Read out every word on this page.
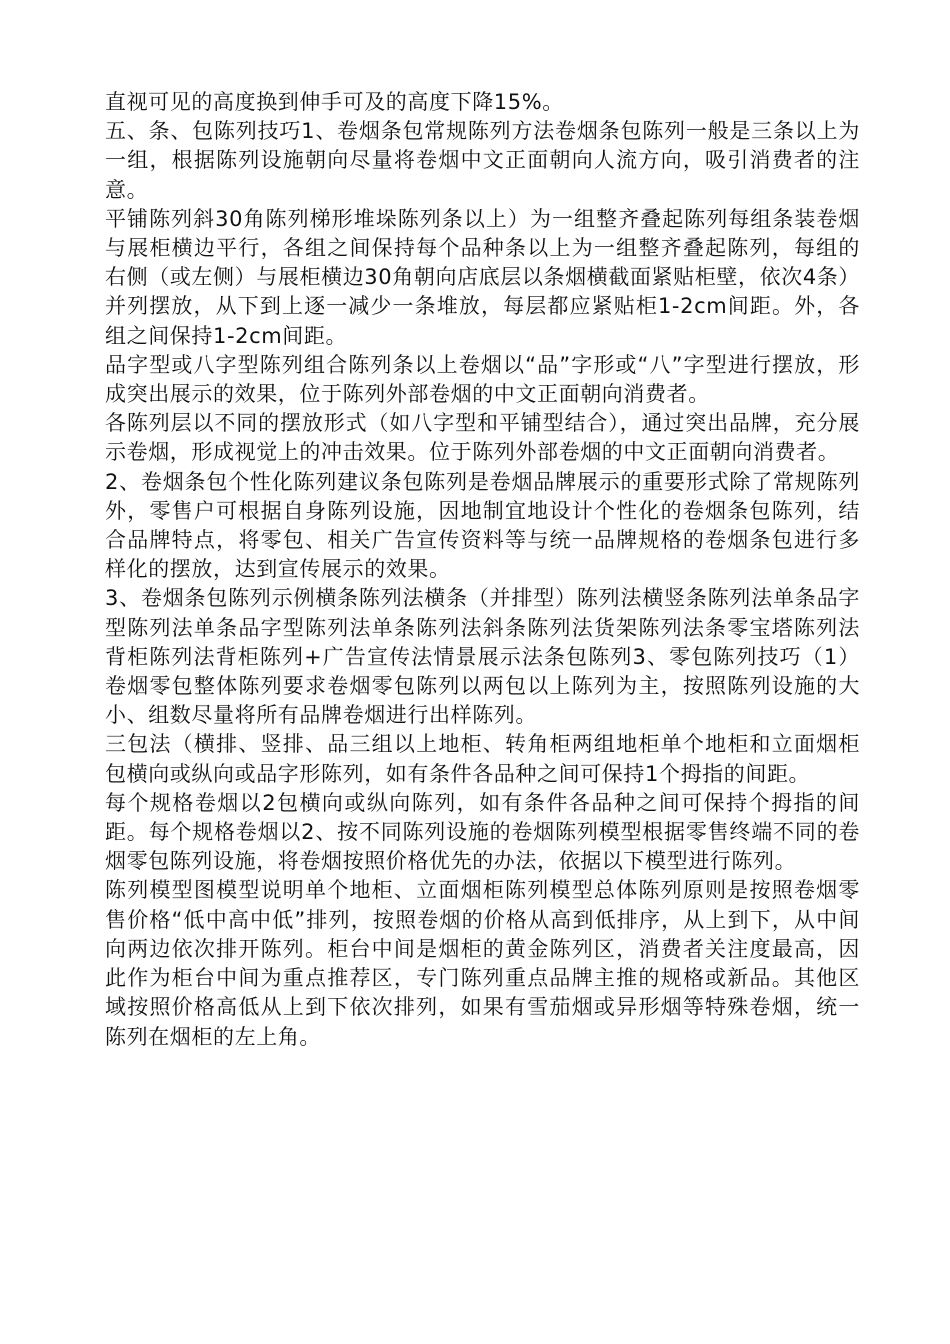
直视可见的高度换到伸手可及的高度下降15%。

五、条、包陈列技巧1、卷烟条包常规陈列方法卷烟条包陈列一般是三条以上为一组，根据陈列设施朝向尽量将卷烟中文正面朝向人流方向，吸引消费者的注意。

平铺陈列斜30角陈列梯形堆垛陈列条以上）为一组整齐叠起陈列每组条装卷烟与展柜横边平行，各组之间保持每个品种条以上为一组整齐叠起陈列，每组的右侧（或左侧）与展柜横边30角朝向店底层以条烟横截面紧贴柜壁，依次4条）并列摆放，从下到上逐一减少一条堆放，每层都应紧贴柜1-2cm间距。外，各组之间保持1-2cm间距。

品字型或八字型陈列组合陈列条以上卷烟以“品”字形或“八”字型进行摆放，形成突出展示的效果，位于陈列外部卷烟的中文正面朝向消费者。

各陈列层以不同的摆放形式（如八字型和平铺型结合），通过突出品牌，充分展示卷烟，形成视觉上的冲击效果。位于陈列外部卷烟的中文正面朝向消费者。

2、卷烟条包个性化陈列建议条包陈列是卷烟品牌展示的重要形式除了常规陈列外，零售户可根据自身陈列设施，因地制宜地设计个性化的卷烟条包陈列，结合品牌特点，将零包、相关广告宣传资料等与统一品牌规格的卷烟条包进行多样化的摆放，达到宣传展示的效果。

3、卷烟条包陈列示例横条陈列法横条（并排型）陈列法横竖条陈列法单条品字型陈列法单条品字型陈列法单条陈列法斜条陈列法货架陈列法条零宝塔陈列法背柜陈列法背柜陈列+广告宣传法情景展示法条包陈列3、零包陈列技巧（1）卷烟零包整体陈列要求卷烟零包陈列以两包以上陈列为主，按照陈列设施的大小、组数尽量将所有品牌卷烟进行出样陈列。

三包法（横排、竖排、品三组以上地柜、转角柜两组地柜单个地柜和立面烟柜包横向或纵向或品字形陈列，如有条件各品种之间可保持1个拇指的间距。

每个规格卷烟以2包横向或纵向陈列，如有条件各品种之间可保持个拇指的间距。每个规格卷烟以2、按不同陈列设施的卷烟陈列模型根据零售终端不同的卷烟零包陈列设施，将卷烟按照价格优先的办法，依据以下模型进行陈列。

陈列模型图模型说明单个地柜、立面烟柜陈列模型总体陈列原则是按照卷烟零售价格“低中高中低”排列，按照卷烟的价格从高到低排序，从上到下，从中间向两边依次排开陈列。柜台中间是烟柜的黄金陈列区，消费者关注度最高，因此作为柜台中间为重点推荐区，专门陈列重点品牌主推的规格或新品。其他区域按照价格高低从上到下依次排列，如果有雪茄烟或异形烟等特殊卷烟，统一陈列在烟柜的左上角。
